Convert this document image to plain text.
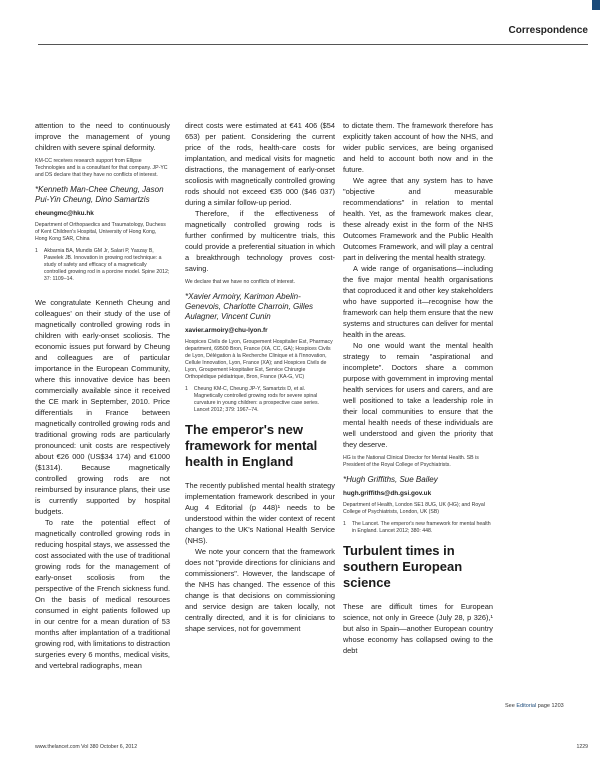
Correspondence

attention to the need to continuously improve the management of young children with severe spinal deformity.

KM-CC receives research support from Ellipse Technologies and is a consultant for that company. JP-YC and DS declare that they have no conflicts of interest.
*Kenneth Man-Chee Cheung, Jason Pui-Yin Cheung, Dino Samartzis
cheungmc@hku.hk
Department of Orthopaedics and Traumatology, Duchess of Kent Children's Hospital, University of Hong Kong, Hong Kong SAR, China
1 Akbarnia BA, Mundis GM Jr, Salari P, Yaszay B, Pawelek JB. Innovation in growing rod technique: a study of safety and efficacy of a magnetically controlled growing rod in a porcine model. Spine 2012; 37: 1109–14.

We congratulate Kenneth Cheung and colleagues' on their study of the use of magnetically controlled growing rods in children with early-onset scoliosis. The economic issues put forward by Cheung and colleagues are of particular importance in the European Community, where this innovative device has been commercially available since it received the CE mark in September, 2010. Price differentials in France between magnetically controlled growing rods and traditional growing rods are particularly pronounced: unit costs are respectively about €26 000 (US$34 174) and €1000 ($1314). Because magnetically controlled growing rods are not reimbursed by insurance plans, their use is currently supported by hospital budgets.

To rate the potential effect of magnetically controlled growing rods in reducing hospital stays, we assessed the cost associated with the use of traditional growing rods for the management of early-onset scoliosis from the perspective of the French sickness fund. On the basis of medical resources consumed in eight patients followed up in our centre for a mean duration of 53 months after implantation of a traditional growing rod, with limitations to distraction surgeries every 6 months, medical visits, and vertebral radiographs, mean

direct costs were estimated at €41 406 ($54 653) per patient. Considering the current price of the rods, health-care costs for implantation, and medical visits for magnetic distractions, the management of early-onset scoliosis with magnetically controlled growing rods should not exceed €35 000 ($46 037) during a similar follow-up period.

Therefore, if the effectiveness of magnetically controlled growing rods is further confirmed by multicentre trials, this could provide a preferential situation in which a breakthrough technology proves cost-saving.

We declare that we have no conflicts of interest.
*Xavier Armoiry, Karimon Abelin-Genevois, Charlotte Charroin, Gilles Aulagner, Vincent Cunin
xavier.armoiry@chu-lyon.fr
Hospices Civils de Lyon, Groupement Hospitalier Est, Pharmacy department, 69500 Bron, France (XA, CC, GA); Hospices Civils de Lyon, Délégation à la Recherche Clinique et à l'Innovation, Cellule Innovation, Lyon, France (XA); and Hospices Civils de Lyon, Groupement Hospitalier Est, Service Chirurgie Orthopédique pédiatrique, Bron, France (KA-G, VC)
1 Cheung KM-C, Cheung JP-Y, Samartzis D, et al. Magnetically controlled growing rods for severe spinal curvature in young children: a prospective case series. Lancet 2012; 379: 1967–74.
The emperor's new framework for mental health in England

The recently published mental health strategy implementation framework described in your Aug 4 Editorial (p 448)¹ needs to be understood within the wider context of recent changes to the UK's National Health Service (NHS).

We note your concern that the framework does not "provide directions for clinicians and commissioners". However, the landscape of the NHS has changed. The essence of this change is that decisions on commissioning and service design are taken locally, not centrally directed, and it is for clinicians to shape services, not for government

to dictate them. The framework therefore has explicitly taken account of how the NHS, and wider public services, are being organised and held to account both now and in the future.

We agree that any system has to have "objective and measurable recommendations" in relation to mental health. Yet, as the framework makes clear, these already exist in the form of the NHS Outcomes Framework and the Public Health Outcomes Framework, and will play a central part in delivering the mental health strategy.

A wide range of organisations—including the five major mental health organisations that coproduced it and other key stakeholders who have supported it—recognise how the framework can help them ensure that the new systems and structures can deliver for mental health in the areas.

No one would want the mental health strategy to remain "aspirational and incomplete". Doctors share a common purpose with government in improving mental health services for users and carers, and are well positioned to take a leadership role in their local communities to ensure that the mental health needs of these individuals are well understood and given the priority that they deserve.

HG is the National Clinical Director for Mental Health. SB is President of the Royal College of Psychiatrists.
*Hugh Griffiths, Sue Bailey
hugh.griffiths@dh.gsi.gov.uk
Department of Health, London SE1 8UG, UK (HG); and Royal College of Psychiatrists, London, UK (SB)
1 The Lancet. The emperor's new framework for mental health in England. Lancet 2012; 380: 448.
Turbulent times in southern European science

These are difficult times for European science, not only in Greece (July 28, p 326),¹ but also in Spain—another European country whose economy has collapsed owing to the debt

See Editorial page 1203
www.thelancet.com Vol 380 October 6, 2012	1229
